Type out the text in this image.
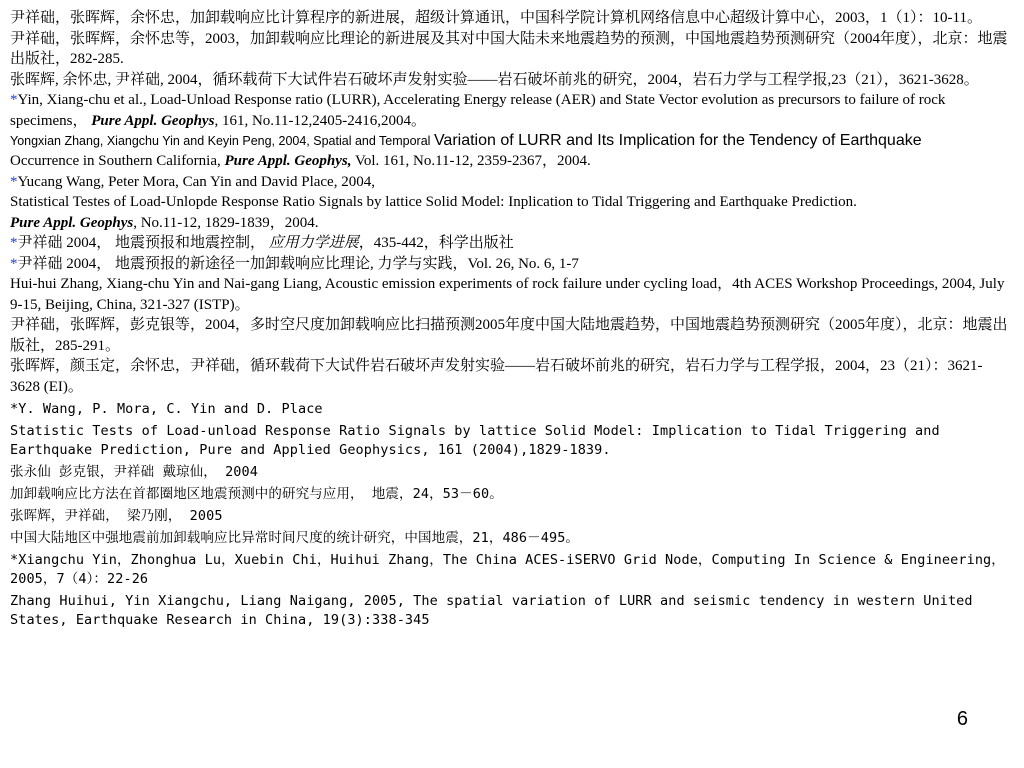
尹祥础，张晖辉，余怀忠，加卸载响应比计算程序的新进展，超级计算通讯，中国科学院计算机网络信息中心超级计算中心，2003，1（1）：10-11。

尹祥础，张晖辉，余怀忠等，2003，加卸载响应比理论的新进展及其对中国大陆未来地震趋势的预测，中国地震趋势预测研究（2004年度），北京：地震出版社，282-285.

张晖辉, 余怀忠, 尹祥础, 2004，循环载荷下大试件岩石破坏声发射实验——岩石破坏前兆的研究，2004，岩石力学与工程学报,23（21），3621-3628。

*Yin, Xiang-chu et al., Load-Unload Response ratio (LURR), Accelerating Energy release (AER) and State Vector evolution as precursors to failure of rock specimens， Pure Appl. Geophys, 161, No.11-12,2405-2416,2004。

Yongxian Zhang, Xiangchu Yin and Keyin Peng, 2004, Spatial and Temporal Variation of LURR and Its Implication for the Tendency of Earthquake

Occurrence in Southern California, Pure Appl. Geophys, Vol. 161, No.11-12, 2359-2367，2004.

*Yucang Wang, Peter Mora, Can Yin and David Place, 2004,

Statistical Testes of Load-Unlopde Response Ratio Signals by lattice Solid Model: Inplication to Tidal Triggering and Earthquake Prediction.
Pure Appl. Geophys, No.11-12, 1829-1839，2004.

*尹祥础 2004， 地震预报和地震控制， 应用力学进展，435-442，科学出版社

*尹祥础 2004， 地震预报的新途径一加卸载响应比理论, 力学与实践，Vol. 26, No. 6, 1-7

Hui-hui Zhang, Xiang-chu Yin and Nai-gang Liang, Acoustic emission experiments of rock failure under cycling load，4th ACES Workshop Proceedings, 2004, July 9-15, Beijing, China, 321-327 (ISTP)。

尹祥础，张晖辉，彭克银等，2004，多时空尺度加卸载响应比扫描预测2005年度中国大陆地震趋势，中国地震趋势预测研究（2005年度），北京：地震出版社，285-291。

张晖辉，颜玉定，余怀忠，尹祥础，循环载荷下大试件岩石破坏声发射实验——岩石破坏前兆的研究，岩石力学与工程学报，2004，23（21）：3621-3628 (EI)。

*Y. Wang, P. Mora, C. Yin and D. Place

Statistic Tests of Load-unload Response Ratio Signals by lattice Solid Model: Implication to Tidal Triggering and Earthquake Prediction, Pure and Applied Geophysics, 161 (2004),1829-1839.

张永仙 彭克银，尹祥础 戴琼仙， 2004

加卸载响应比方法在首都圈地区地震预测中的研究与应用， 地震，24，53－60。

张晖辉，尹祥础， 梁乃刚， 2005

中国大陆地区中强地震前加卸载响应比异常时间尺度的统计研究，中国地震，21，486－495。

*Xiangchu Yin，Zhonghua Lu，Xuebin Chi，Huihui Zhang，The China ACES-iSERVO Grid Node，Computing In Science & Engineering，2005，7（4）：22-26

Zhang Huihui, Yin Xiangchu, Liang Naigang, 2005, The spatial variation of LURR and seismic tendency in western United States, Earthquake Research in China, 19(3):338-345

6
